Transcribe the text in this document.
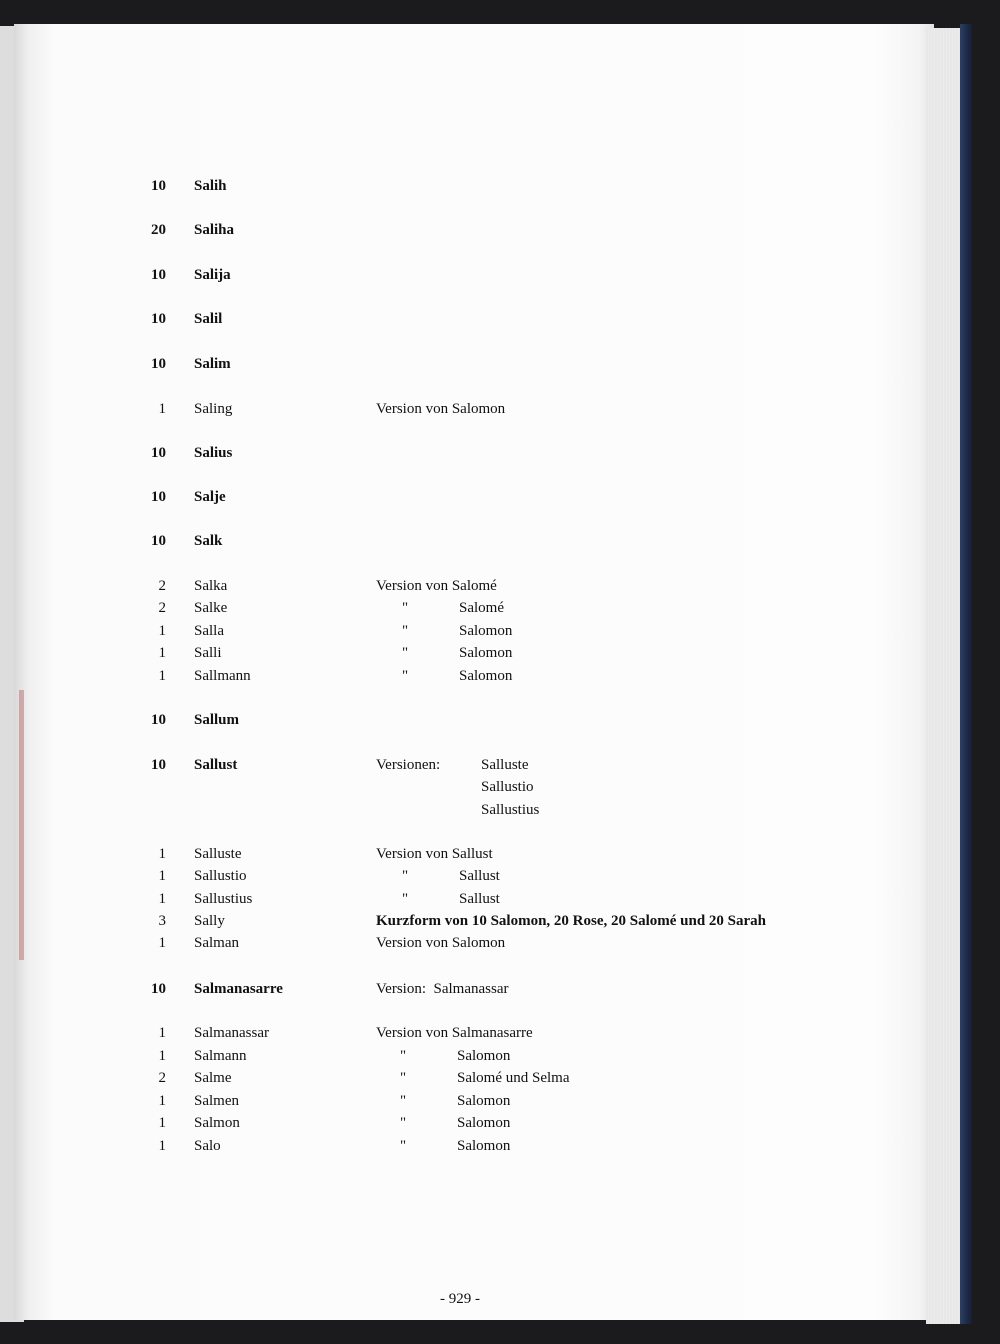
10 Salih
20 Saliha
10 Salija
10 Salil
10 Salim
1 Saling	Version von Salomon
10 Salius
10 Salje
10 Salk
2 Salka	Version von Salomé
2 Salke	"	Salomé
1 Salla	"	Salomon
1 Salli	"	Salomon
1 Sallmann	"	Salomon
10 Sallum
10 Sallust	Versionen:	Salluste
Sallustio
Sallustius
1 Salluste	Version von Sallust
1 Sallustio	"	Sallust
1 Sallustius	"	Sallust
3 Sally	Kurzform von 10 Salomon, 20 Rose, 20 Salomé und 20 Sarah
1 Salman	Version von Salomon
10 Salmanasarre	Version:  Salmanassar
1 Salmanassar	Version von Salmanasarre
1 Salmann	"	Salomon
2 Salme	"	Salomé und Selma
1 Salmen	"	Salomon
1 Salmon	"	Salomon
1 Salo	"	Salomon
- 929 -
